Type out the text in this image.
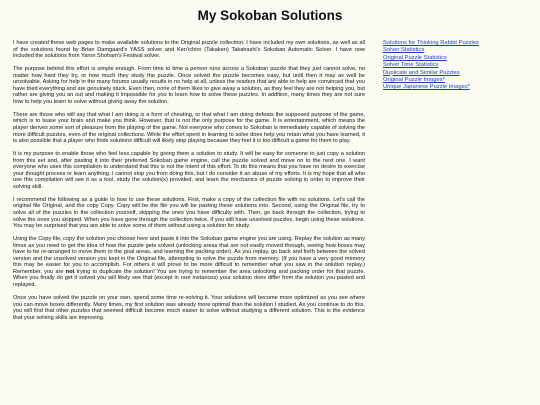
My Sokoban Solutions

I have created these web pages to make available solutions to the Original puzzle collection. I have included my own solutions, as well as all of the solutions found by Brian Damgaard's YASS solver and Ken'ichiro (Takaken) Takahashi's Sokoban Automatic Solver. I have now included the solutions from Yaron Shoham's Festival solver.

The purpose behind this effort is simple enough. From time to time a person runs across a Sokoban puzzle that they just cannot solve, no matter how hard they try, or how much they study the puzzle. Once solved the puzzle becomes easy, but until then it may as well be unsolvable. Asking for help in the many forums usually results in no help at all, unless the readers that are able to help are convinced that you have tried everything and are genuinely stuck. Even then, none of them likes to give away a solution, as they feel they are not helping you, but rather are giving you an out and making it impossible for you to learn how to solve these puzzles. In addition, many times they are not sure how to help you learn to solve without giving away the solution.

There are those who will say that what I am doing is a form of cheating, or that what I am doing defeats the supposed purpose of the game, which is to tease your brain and make you think. However, that is not the only purpose for the game. It is entertainment, which means the player derives some sort of pleasure from the playing of the game. Not everyone who comes to Sokoban is immediately capable of solving the more difficult puzzles, even of the original collections. While the effort spent in learning to solve does help you retain what you have learned, it is also possible that a player who finds solutions difficult will likely stop playing because they feel it is too difficult a game for them to play.

It is my purpose to enable those who feel less capable by giving them a solution to study. It will be easy for someone to just copy a solution from this set and, after pasting it into their preferred Sokoban game engine, call the puzzle solved and move on to the next one. I want everyone who uses this compilation to understand that this is not the intent of this effort. To do this means that you have no desire to exercise your thought process or learn anything. I cannot stop you from doing this, but I do consider it an abuse of my efforts. It is my hope that all who use this compilation will see it as a tool, study the solution(s) provided, and learn the mechanics of puzzle solving in order to improve their solving skill.

I recommend the following as a guide to how to use these solutions. First, make a copy of the collection file with no solutions. Let's call the original file Original, and the copy Copy. Copy will be the file you will be pasting these solutions into. Second, using the Original file, try to solve all of the puzzles in the collection yourself, skipping the ones you have difficulty with. Then, go back through the collection, trying to solve the ones you skipped. When you have gone through the collection twice, if you still have unsolved puzzles, begin using these solutions. You may be surprised that you are able to solve some of them without using a solution for study.

Using the Copy file, copy the solution you choose here and paste it into the Sokoban game engine you are using. Replay the solution as many times as you need to get the idea of how the puzzle gets solved (unlocking areas that are not easily moved through, seeing how boxes may have to be re-arranged to move them to the goal areas, and learning the packing order). As you replay, go back and forth between the solved version and the unsolved version you kept in the Original file, attempting to solve the puzzle from memory. (If you have a very good memory this may be easier for you to accomplish. For others it will prove to be more difficult to remember what you saw in the solution replay.) Remember, you are not trying to duplicate the solution! You are trying to remember the area unlocking and packing order for that puzzle. When you finally do get it solved you will likely see that (except in rare instances) your solution does differ from the solution you pasted and replayed.

Once you have solved the puzzle on your own, spend some time re-solving it. Your solutions will become more optimized as you see where you can move boxes differently. Many times, my first solution was already more optimal than the solution I studied. As you continue to do this, you will find that other puzzles that seemed difficult become much easier to solve without studying a different solution. This is the evidence that your solving skills are improving.

Solutions for Thinking Rabbit Puzzles
Solver Statistics
Original Puzzle Statistics
Solver Time Statistics
Duplicate and Similar Puzzles
Original Puzzle Images*
Unique Japanese Puzzle Images*
